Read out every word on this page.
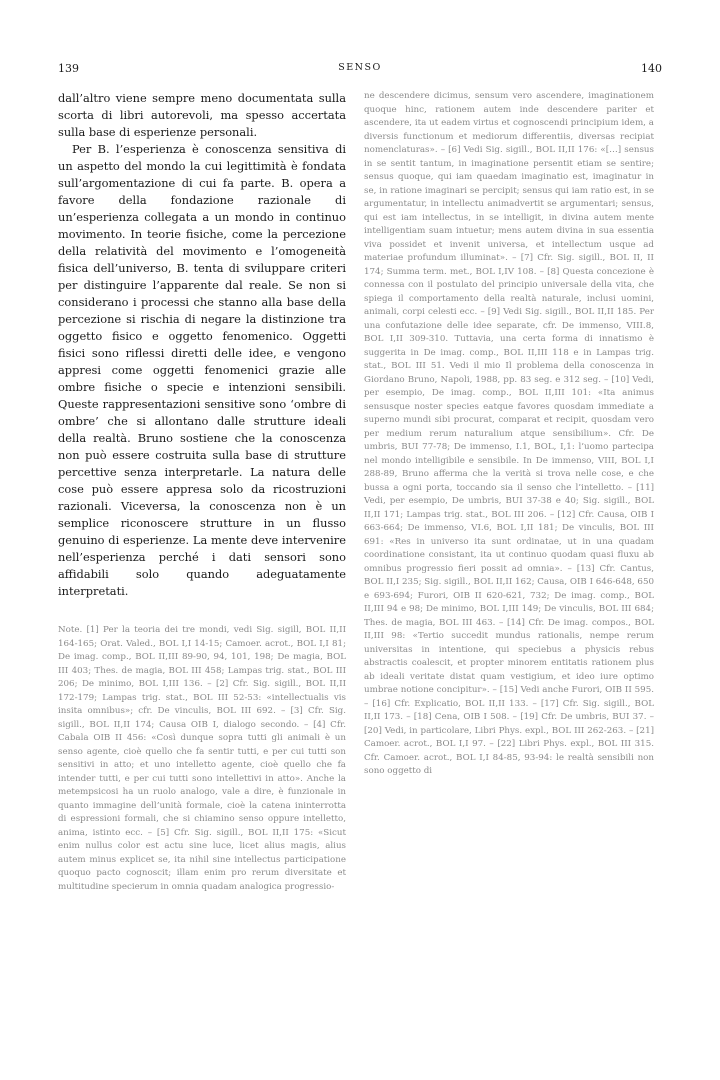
139	SENSO	140

dall’altro viene sempre meno documentata sulla scorta di libri autorevoli, ma spesso accertata sulla base di esperienze personali.

Per B. l’esperienza è conoscenza sensitiva di un aspetto del mondo la cui legittimità è fondata sull’argomentazione di cui fa parte. B. opera a favore della fondazione razionale di un’esperienza collegata a un mondo in continuo movimento. In teorie fisiche, come la percezione della relatività del movimento e l’omogeneità fisica dell’universo, B. tenta di sviluppare criteri per distinguire l’apparente dal reale. Se non si considerano i processi che stanno alla base della percezione si rischia di negare la distinzione tra oggetto fisico e oggetto fenomenico. Oggetti fisici sono riflessi diretti delle idee, e vengono appresi come oggetti fenomenici grazie alle ombre fisiche o specie e intenzioni sensibili. Queste rappresentazioni sensitive sono ‘ombre di ombre’ che si allontano dalle strutture ideali della realtà. Bruno sostiene che la conoscenza non può essere costruita sulla base di strutture percettive senza interpretarle. La natura delle cose può essere appresa solo da ricostruzioni razionali. Viceversa, la conoscenza non è un semplice riconoscere strutture in un flusso genuino di esperienze. La mente deve intervenire nell’esperienza perché i dati sensori sono affidabili solo quando adeguatamente interpretati.

Note. [1] Per la teoria dei tre mondi, vedi Sig. sigill, BOL II,II 164-165; Orat. Valed., BOL I,I 14-15; Camoer. acrot., BOL I,I 81; De imag. comp., BOL II,III 89-90, 94, 101, 198; De magia, BOL III 403; Thes. de magia, BOL III 458; Lampas trig. stat., BOL III 206; De minimo, BOL I,III 136. – [2] Cfr. Sig. sigill., BOL II,II 172-179; Lampas trig. stat., BOL III 52-53: «intellectualis vis insita omnibus»; cfr. De vinculis, BOL III 692. – [3] Cfr. Sig. sigill., BOL II,II 174; Causa OIB I, dialogo secondo. – [4] Cfr. Cabala OIB II 456: «Così dunque sopra tutti gli animali è un senso agente, cioè quello che fa sentir tutti, e per cui tutti son sensitivi in atto; et uno intelletto agente, cioè quello che fa intender tutti, e per cui tutti sono intellettivi in atto». Anche la metempsicosi ha un ruolo analogo, vale a dire, è funzionale in quanto immagine dell’unità formale, cioè la catena ininterrotta di espressioni formali, che si chiamino senso oppure intelletto, anima, istinto ecc. – [5] Cfr. Sig. sigill., BOL II,II 175: «Sicut enim nullus color est actu sine luce, licet alius magis, alius autem minus explicet se, ita nihil sine intellectus participatione quoquo pacto cognoscit; illam enim pro rerum diversitate et multitudine specierum in omnia quadam analogica progressio-

ne descendere dicimus, sensum vero ascendere, imaginationem quoque hinc, rationem autem inde descendere pariter et ascendere, ita ut eadem virtus et cognoscendi principium idem, a diversis functionum et mediorum differentiis, diversas recipiat nomenclaturas». – [6] Vedi Sig. sigill., BOL II,II 176: «[…] sensus in se sentit tantum, in imaginatione persentit etiam se sentire; sensus quoque, qui iam quaedam imaginatio est, imaginatur in se, in ratione imaginari se percipit; sensus qui iam ratio est, in se argumentatur, in intellectu animadvertit se argumentari; sensus, qui est iam intellectus, in se intelligit, in divina autem mente intelligentiam suam intuetur; mens autem divina in sua essentia viva possidet et invenit universa, et intellectum usque ad materiae profundum illuminat». – [7] Cfr. Sig. sigill., BOL II, II 174; Summa term. met., BOL I,IV 108. – [8] Questa concezione è connessa con il postulato del principio universale della vita, che spiega il comportamento della realtà naturale, inclusi uomini, animali, corpi celesti ecc. – [9] Vedi Sig. sigill., BOL II,II 185. Per una confutazione delle idee separate, cfr. De immenso, VIII.8, BOL I,II 309-310. Tuttavia, una certa forma di innatismo è suggerita in De imag. comp., BOL II,III 118 e in Lampas trig. stat., BOL III 51. Vedi il mio Il problema della conoscenza in Giordano Bruno, Napoli, 1988, pp. 83 seg. e 312 seg. – [10] Vedi, per esempio, De imag. comp., BOL II,III 101: «Ita animus sensusque noster species eatque favores quosdam immediate a superno mundi sibi procurat, comparat et recipit, quosdam vero per medium rerum naturalium atque sensibilium». Cfr. De umbris, BUI 77-78; De immenso, I.1, BOL, I,1: l’uomo partecipa nel mondo intelligibile e sensibile. In De immenso, VIII, BOL I,I 288-89, Bruno afferma che la verità si trova nelle cose, e che bussa a ogni porta, toccando sia il senso che l’intelletto. – [11] Vedi, per esempio, De umbris, BUI 37-38 e 40; Sig. sigill., BOL II,II 171; Lampas trig. stat., BOL III 206. – [12] Cfr. Causa, OIB I 663-664; De immenso, VI.6, BOL I,II 181; De vinculis, BOL III 691: «Res in universo ita sunt ordinatae, ut in una quadam coordinatione consistant, ita ut continuo quodam quasi fluxu ab omnibus progressio fieri possit ad omnia». – [13] Cfr. Cantus, BOL II,I 235; Sig. sigill., BOL II,II 162; Causa, OIB I 646-648, 650 e 693-694; Furori, OIB II 620-621, 732; De imag. comp., BOL II,III 94 e 98; De minimo, BOL I,III 149; De vinculis, BOL III 684; Thes. de magia, BOL III 463. – [14] Cfr. De imag. compos., BOL II,III 98: «Tertio succedit mundus rationalis, nempe rerum universitas in intentione, qui speciebus a physicis rebus abstractis coalescit, et propter minorem entitatis rationem plus ab ideali veritate distat quam vestigium, et ideo iure optimo umbrae notione concipitur». – [15] Vedi anche Furori, OIB II 595. – [16] Cfr. Explicatio, BOL II,II 133. – [17] Cfr. Sig. sigill., BOL II,II 173. – [18] Cena, OIB I 508. – [19] Cfr. De umbris, BUI 37. – [20] Vedi, in particolare, Libri Phys. expl., BOL III 262-263. – [21] Camoer. acrot., BOL I,I 97. – [22] Libri Phys. expl., BOL III 315. Cfr. Camoer. acrot., BOL I,I 84-85, 93-94: le realtà sensibili non sono oggetto di
